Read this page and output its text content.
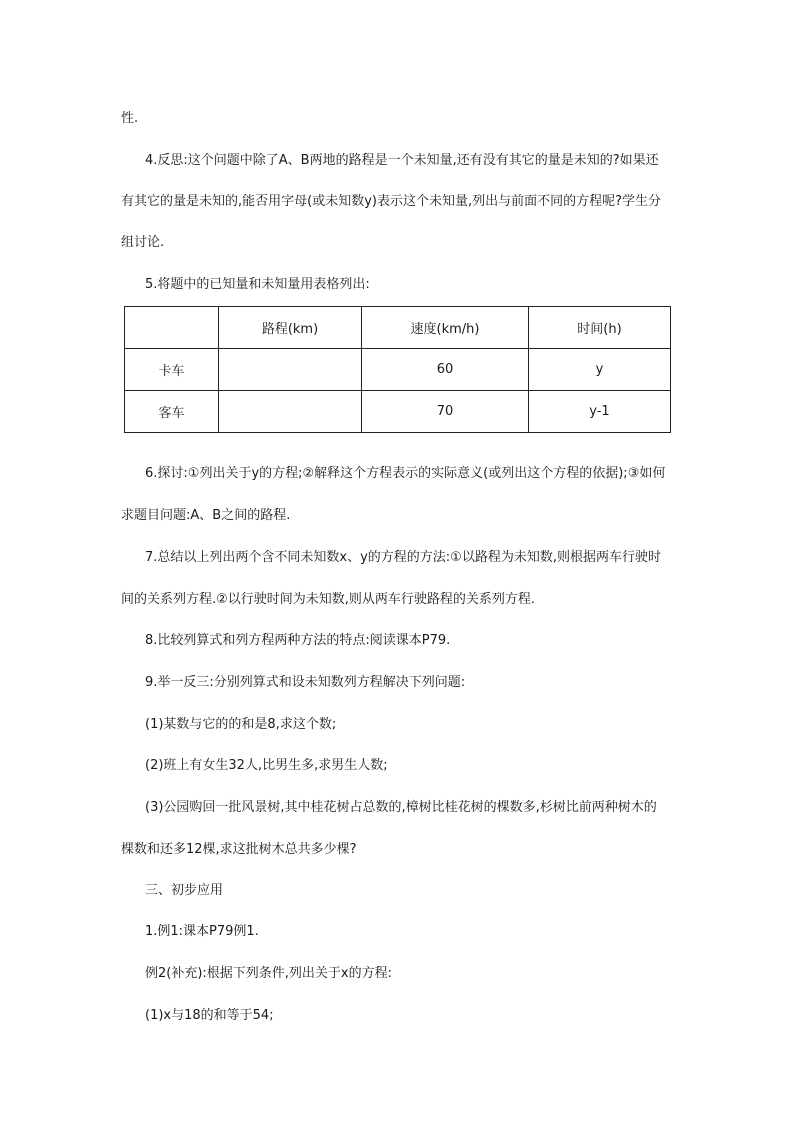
性.
4.反思:这个问题中除了A、B两地的路程是一个未知量,还有没有其它的量是未知的?如果还
有其它的量是未知的,能否用字母(或未知数y)表示这个未知量,列出与前面不同的方程呢?学生分
组讨论.
5.将题中的已知量和未知量用表格列出:
	路程(km)	速度(km/h)	时间(h)
卡车		60	y
客车		70	y-1
6.探讨:①列出关于y的方程;②解释这个方程表示的实际意义(或列出这个方程的依据);③如何
求题目问题:A、B之间的路程.
7.总结以上列出两个含不同未知数x、y的方程的方法:①以路程为未知数,则根据两车行驶时
间的关系列方程.②以行驶时间为未知数,则从两车行驶路程的关系列方程.
8.比较列算式和列方程两种方法的特点:阅读课本P79.
9.举一反三:分别列算式和设未知数列方程解决下列问题:
(1)某数与它的的和是8,求这个数;
(2)班上有女生32人,比男生多,求男生人数;
(3)公园购回一批风景树,其中桂花树占总数的,樟树比桂花树的棵数多,杉树比前两种树木的
棵数和还多12棵,求这批树木总共多少棵?
三、初步应用
1.例1:课本P79例1.
例2(补充):根据下列条件,列出关于x的方程:
(1)x与18的和等于54;
